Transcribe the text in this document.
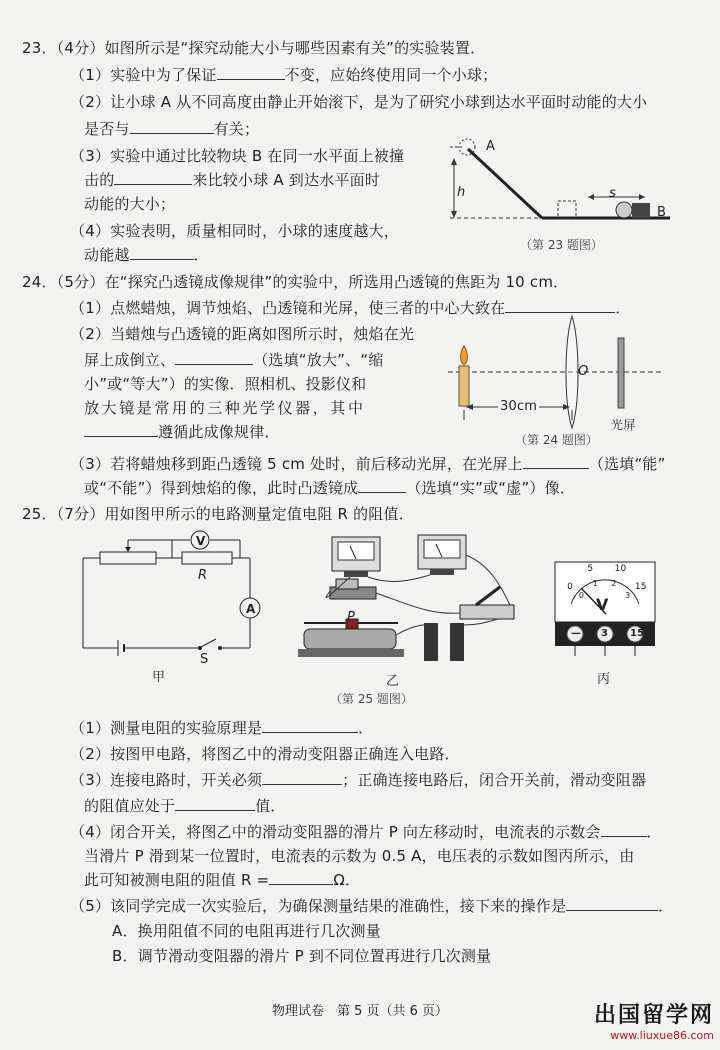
23．（4分）如图所示是“探究动能大小与哪些因素有关”的实验装置．
（1）实验中为了保证	不变，应始终使用同一个小球；
（2）让小球 A 从不同高度由静止开始滚下，是为了研究小球到达水平面时动能的大小
是否与	有关；
（3）实验中通过比较物块 B 在同一水平面上被撞
击的	来比较小球 A 到达水平面时
动能的大小；
（4）实验表明，质量相同时，小球的速度越大，
动能越	．
A
h	s
B
（第 23 题图）
24．（5分）在“探究凸透镜成像规律”的实验中，所选用凸透镜的焦距为 10 cm．
（1）点燃蜡烛，调节烛焰、凸透镜和光屏，使三者的中心大致在	．
（2）当蜡烛与凸透镜的距离如图所示时，烛焰在光
屏上成倒立、	（选填“放大”、“缩
小”或“等大”）的实像．照相机、投影仪和
放大镜是常用的三种光学仪器，其中
遵循此成像规律．
O
30cm
光屏
（第 24 题图）
（3）若将蜡烛移到距凸透镜 5 cm 处时，前后移动光屏，在光屏上	（选填“能”
或“不能”）得到烛焰的像，此时凸透镜成	（选填“实”或“虚”）像．
25．（7分）用如图甲所示的电路测量定值电阻 R 的阻值．
V
R
A
S
甲
P
乙
0
5 10
15
0
1 2
3
V
— 3 15
丙
（第 25 题图）
（1）测量电阻的实验原理是	．
（2）按图甲电路，将图乙中的滑动变阻器正确连入电路．
（3）连接电路时，开关必须	；正确连接电路后，闭合开关前，滑动变阻器
的阻值应处于	值．
（4）闭合开关，将图乙中的滑动变阻器的滑片 P 向左移动时，电流表的示数会	．
当滑片 P 滑到某一位置时，电流表的示数为 0.5 A，电压表的示数如图丙所示，由
此可知被测电阻的阻值 R =	Ω．
（5）该同学完成一次实验后，为确保测量结果的准确性，接下来的操作是	．
A．换用阻值不同的电阻再进行几次测量
B．调节滑动变阻器的滑片 P 到不同位置再进行几次测量
物理试卷　第 5 页（共 6 页）	出国留学网
www.liuxue86.com
